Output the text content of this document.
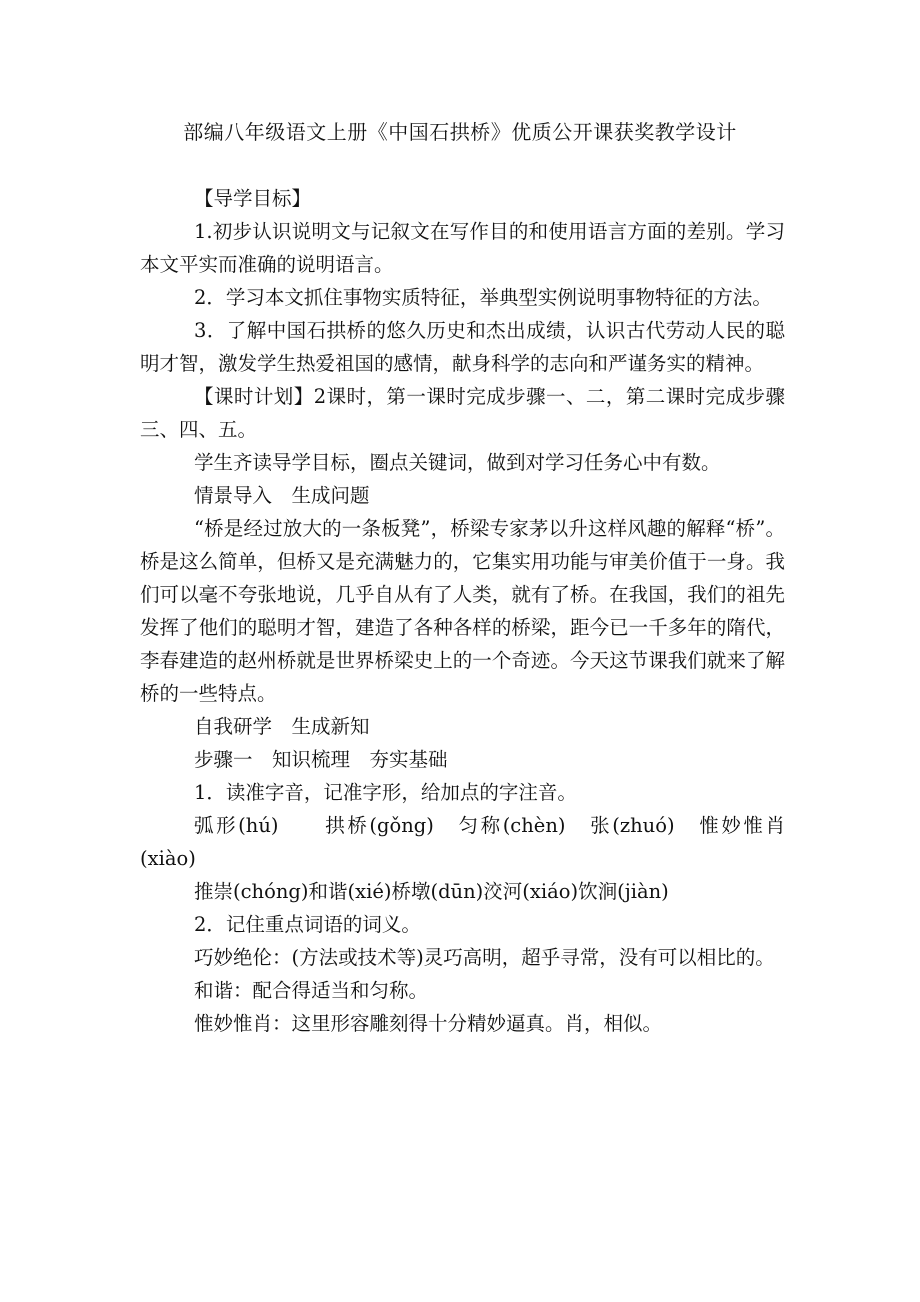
部编八年级语文上册《中国石拱桥》优质公开课获奖教学设计

【导学目标】

1.初步认识说明文与记叙文在写作目的和使用语言方面的差别。学习本文平实而准确的说明语言。

2．学习本文抓住事物实质特征，举典型实例说明事物特征的方法。

3．了解中国石拱桥的悠久历史和杰出成绩，认识古代劳动人民的聪明才智，激发学生热爱祖国的感情，献身科学的志向和严谨务实的精神。

【课时计划】2课时，第一课时完成步骤一、二，第二课时完成步骤三、四、五。

学生齐读导学目标，圈点关键词，做到对学习任务心中有数。

情景导入　生成问题

“桥是经过放大的一条板凳”，桥梁专家茅以升这样风趣的解释“桥”。桥是这么简单，但桥又是充满魅力的，它集实用功能与审美价值于一身。我们可以毫不夸张地说，几乎自从有了人类，就有了桥。在我国，我们的祖先发挥了他们的聪明才智，建造了各种各样的桥梁，距今已一千多年的隋代，李春建造的赵州桥就是世界桥梁史上的一个奇迹。今天这节课我们就来了解桥的一些特点。

自我研学　生成新知

步骤一　知识梳理　夯实基础

1．读准字音，记准字形，给加点的字注音。

弧形(hú)　　拱桥(gǒng)　匀称(chèn)　张(zhuó)　惟妙惟肖(xiào)

推崇(chóng)和谐(xié)桥墩(dūn)洨河(xiáo)饮涧(jiàn)

2．记住重点词语的词义。

巧妙绝伦：(方法或技术等)灵巧高明，超乎寻常，没有可以相比的。

和谐：配合得适当和匀称。

惟妙惟肖：这里形容雕刻得十分精妙逼真。肖，相似。
